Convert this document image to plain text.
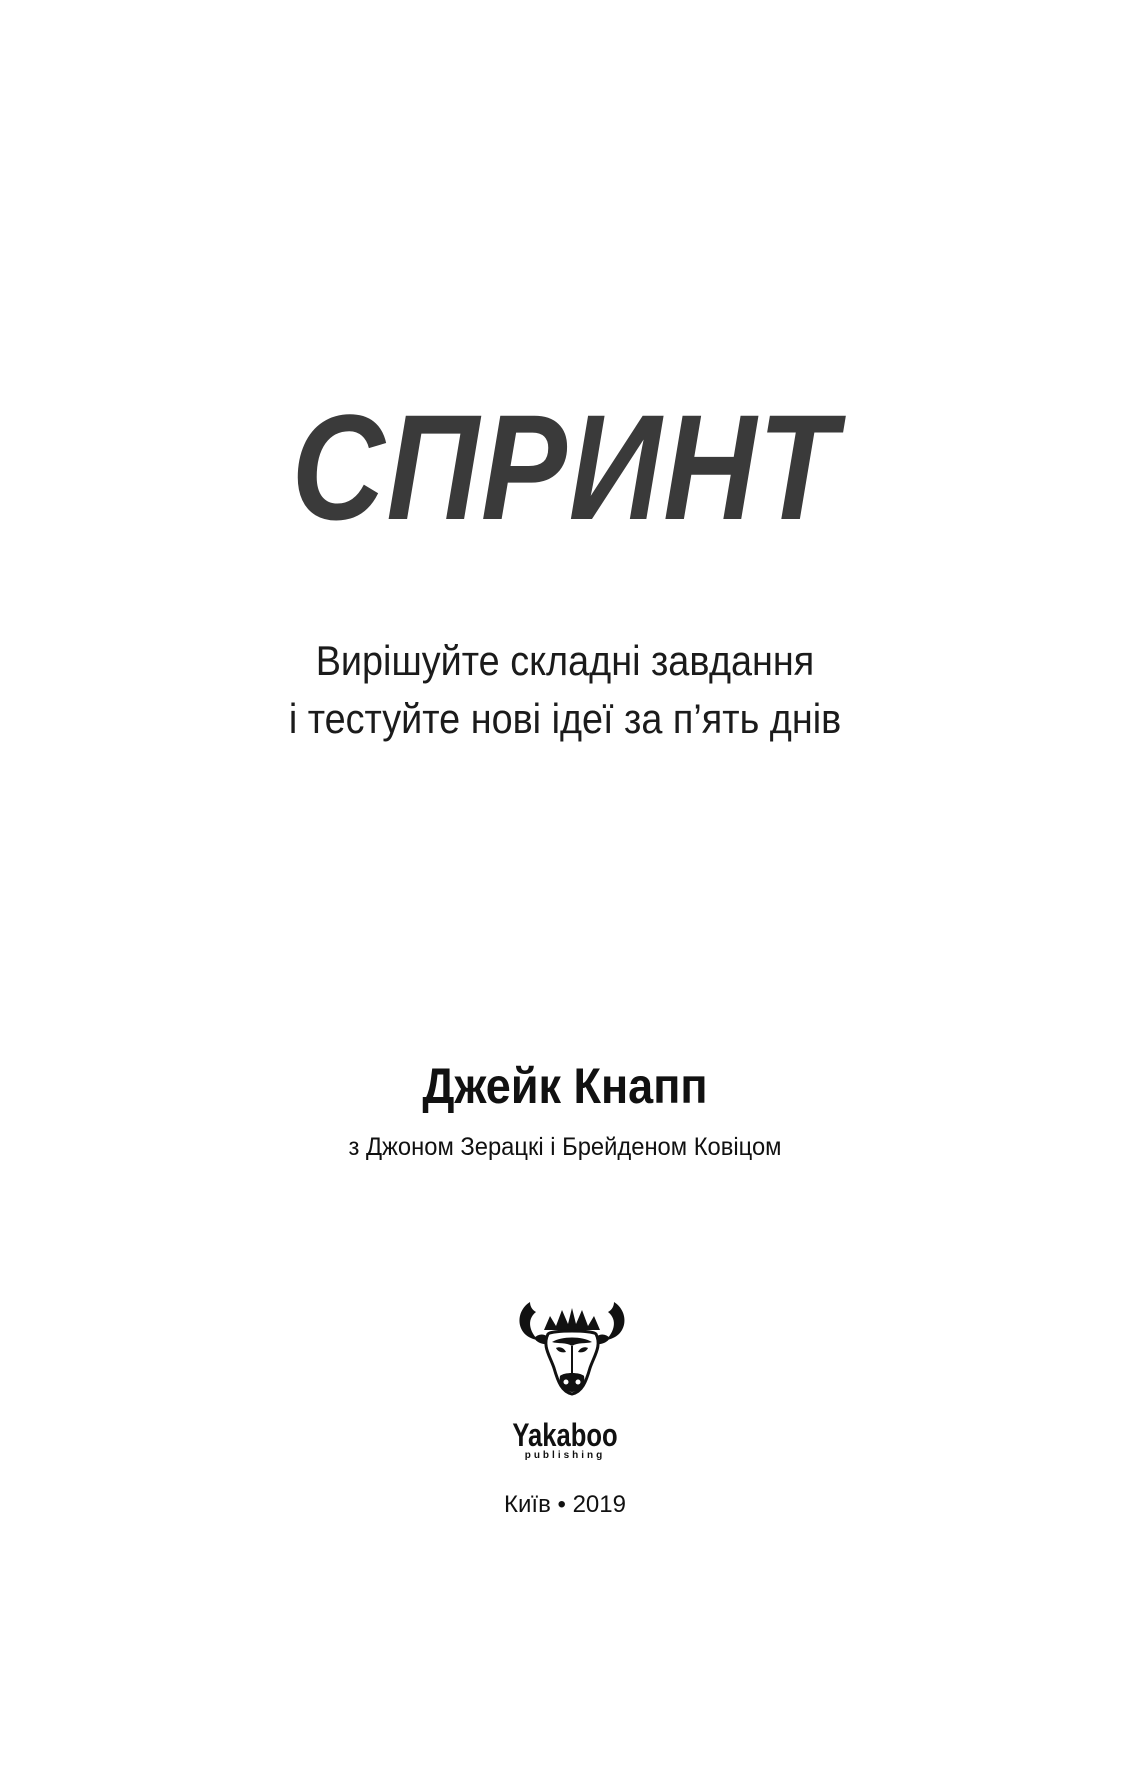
СПРИНТ
Вирішуйте складні завдання
і тестуйте нові ідеї за п’ять днів
Джейк Кнапп
з Джоном Зерацкі і Брейденом Ковіцом
Yakaboo
publishing
Київ • 2019
